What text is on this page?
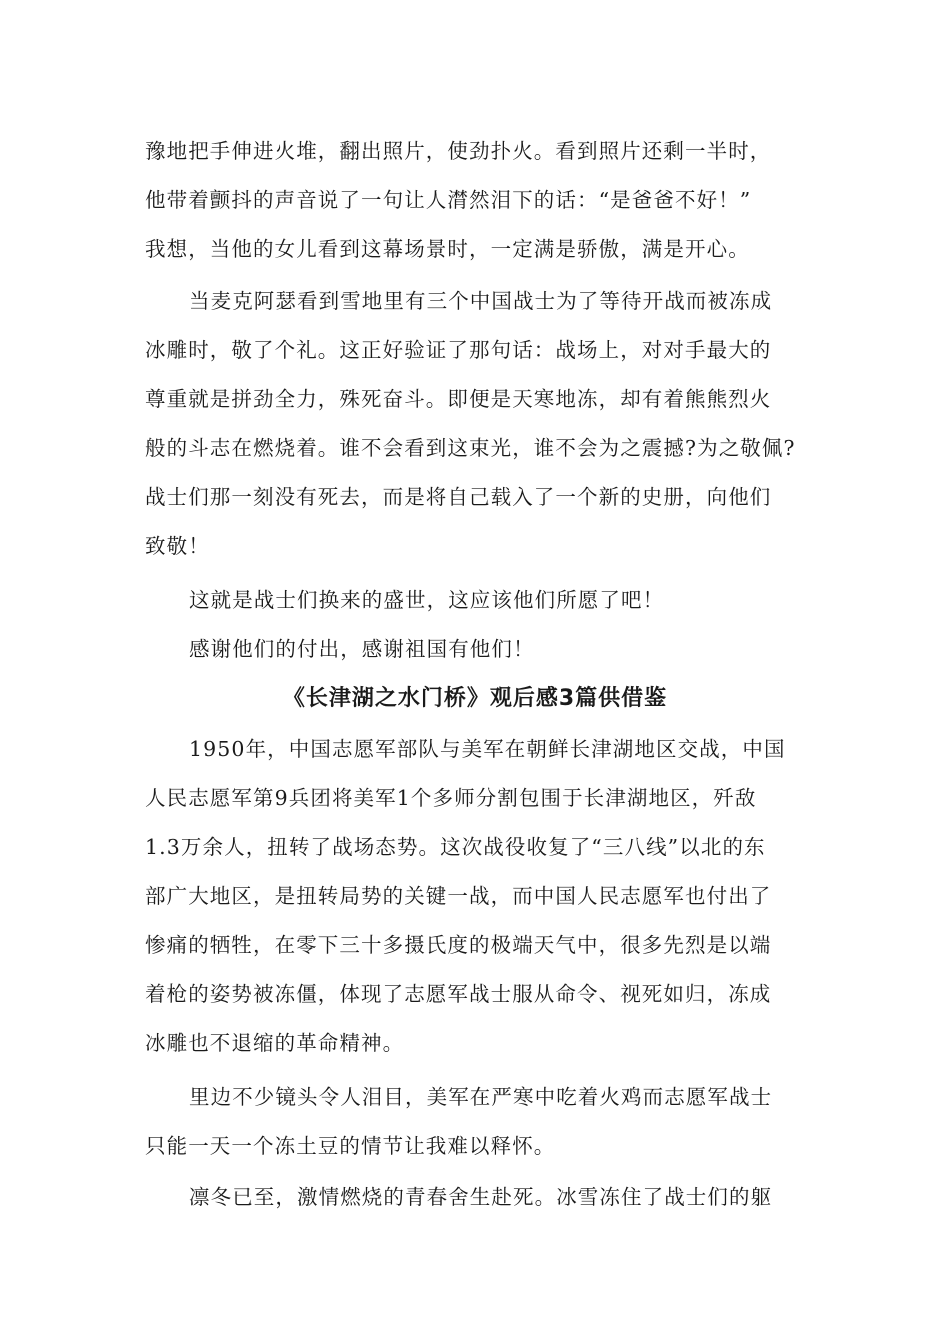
豫地把手伸进火堆，翻出照片，使劲扑火。看到照片还剩一半时，
他带着颤抖的声音说了一句让人潸然泪下的话：“是爸爸不好！”
我想，当他的女儿看到这幕场景时，一定满是骄傲，满是开心。
当麦克阿瑟看到雪地里有三个中国战士为了等待开战而被冻成
冰雕时，敬了个礼。这正好验证了那句话：战场上，对对手最大的
尊重就是拼劲全力，殊死奋斗。即便是天寒地冻，却有着熊熊烈火
般的斗志在燃烧着。谁不会看到这束光，谁不会为之震撼?为之敬佩?
战士们那一刻没有死去，而是将自己载入了一个新的史册，向他们
致敬！
这就是战士们换来的盛世，这应该他们所愿了吧！
感谢他们的付出，感谢祖国有他们！
《长津湖之水门桥》观后感3篇供借鉴
1950年，中国志愿军部队与美军在朝鲜长津湖地区交战，中国
人民志愿军第9兵团将美军1个多师分割包围于长津湖地区，歼敌
1.3万余人，扭转了战场态势。这次战役收复了“三八线”以北的东
部广大地区，是扭转局势的关键一战，而中国人民志愿军也付出了
惨痛的牺牲，在零下三十多摄氏度的极端天气中，很多先烈是以端
着枪的姿势被冻僵，体现了志愿军战士服从命令、视死如归，冻成
冰雕也不退缩的革命精神。
里边不少镜头令人泪目，美军在严寒中吃着火鸡而志愿军战士
只能一天一个冻土豆的情节让我难以释怀。
凛冬已至，激情燃烧的青春舍生赴死。冰雪冻住了战士们的躯
